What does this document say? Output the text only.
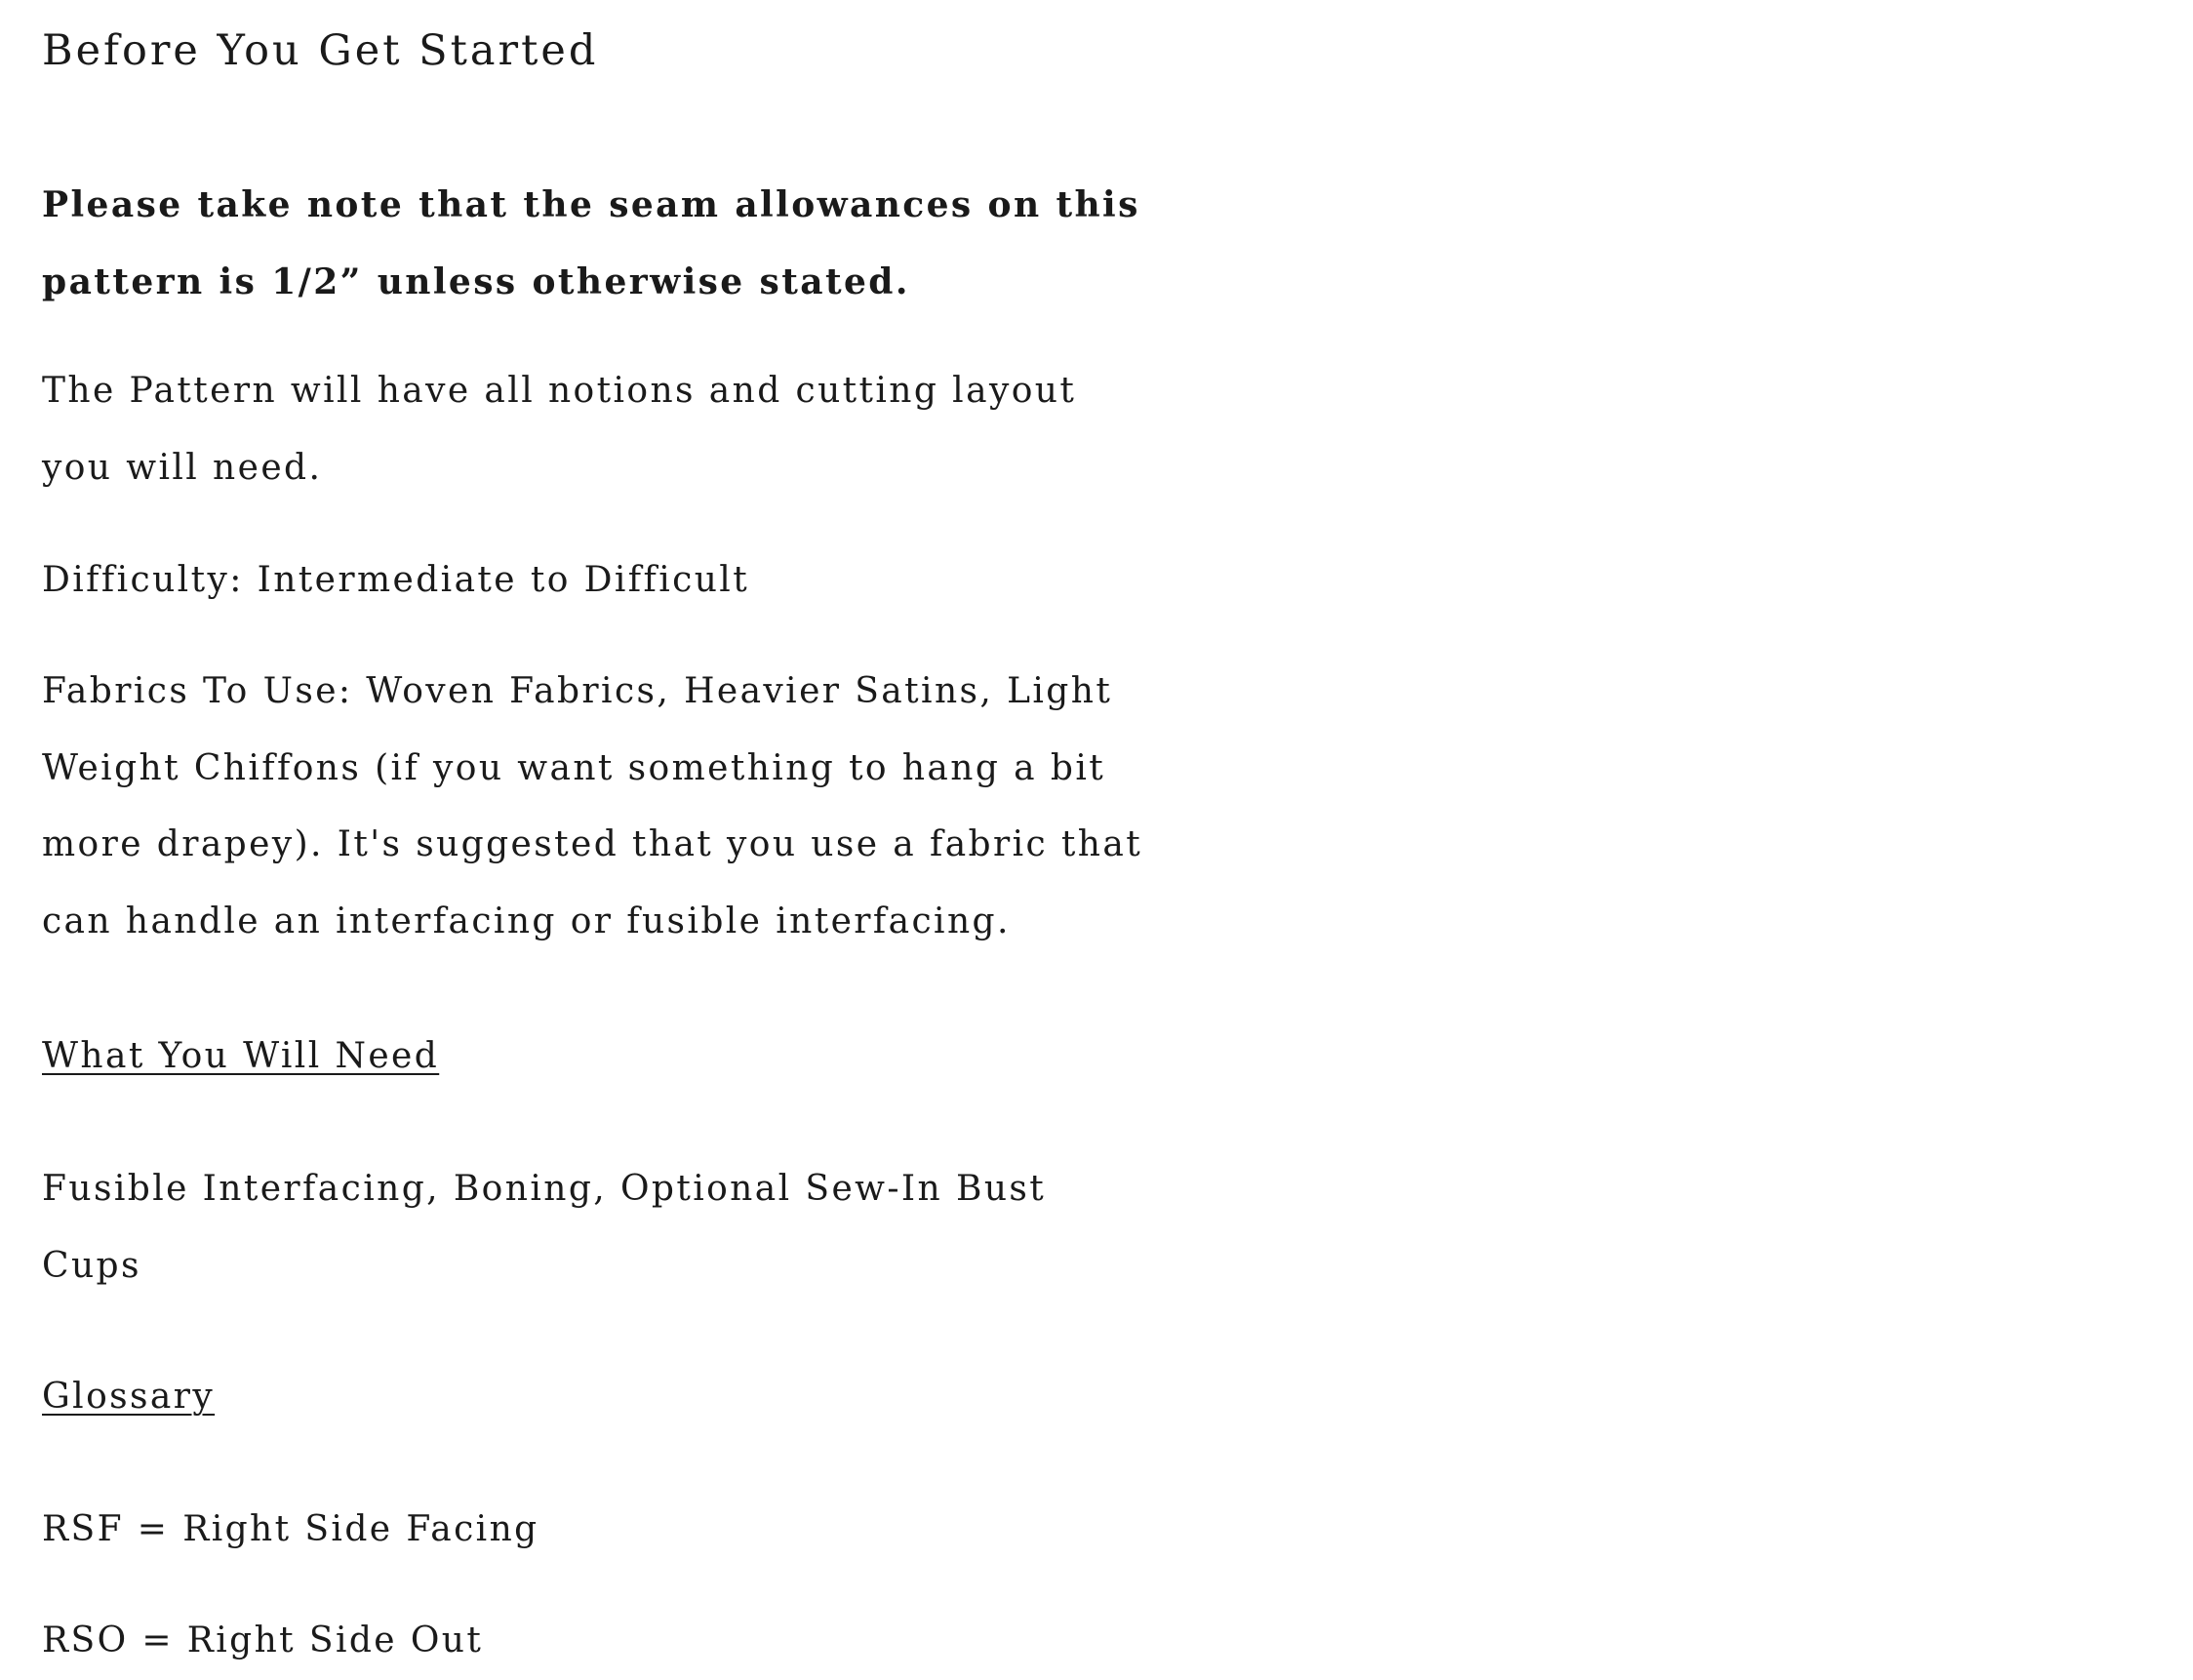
Before You Get Started

Please take note that the seam allowances on this pattern is 1/2” unless otherwise stated.

The Pattern will have all notions and cutting layout you will need.

Difficulty: Intermediate to Difficult

Fabrics To Use: Woven Fabrics, Heavier Satins, Light Weight Chiffons (if you want something to hang a bit more drapey). It's suggested that you use a fabric that can handle an interfacing or fusible interfacing.

What You Will Need

Fusible Interfacing, Boning, Optional Sew-In Bust Cups

Glossary

RSF = Right Side Facing

RSO = Right Side Out
